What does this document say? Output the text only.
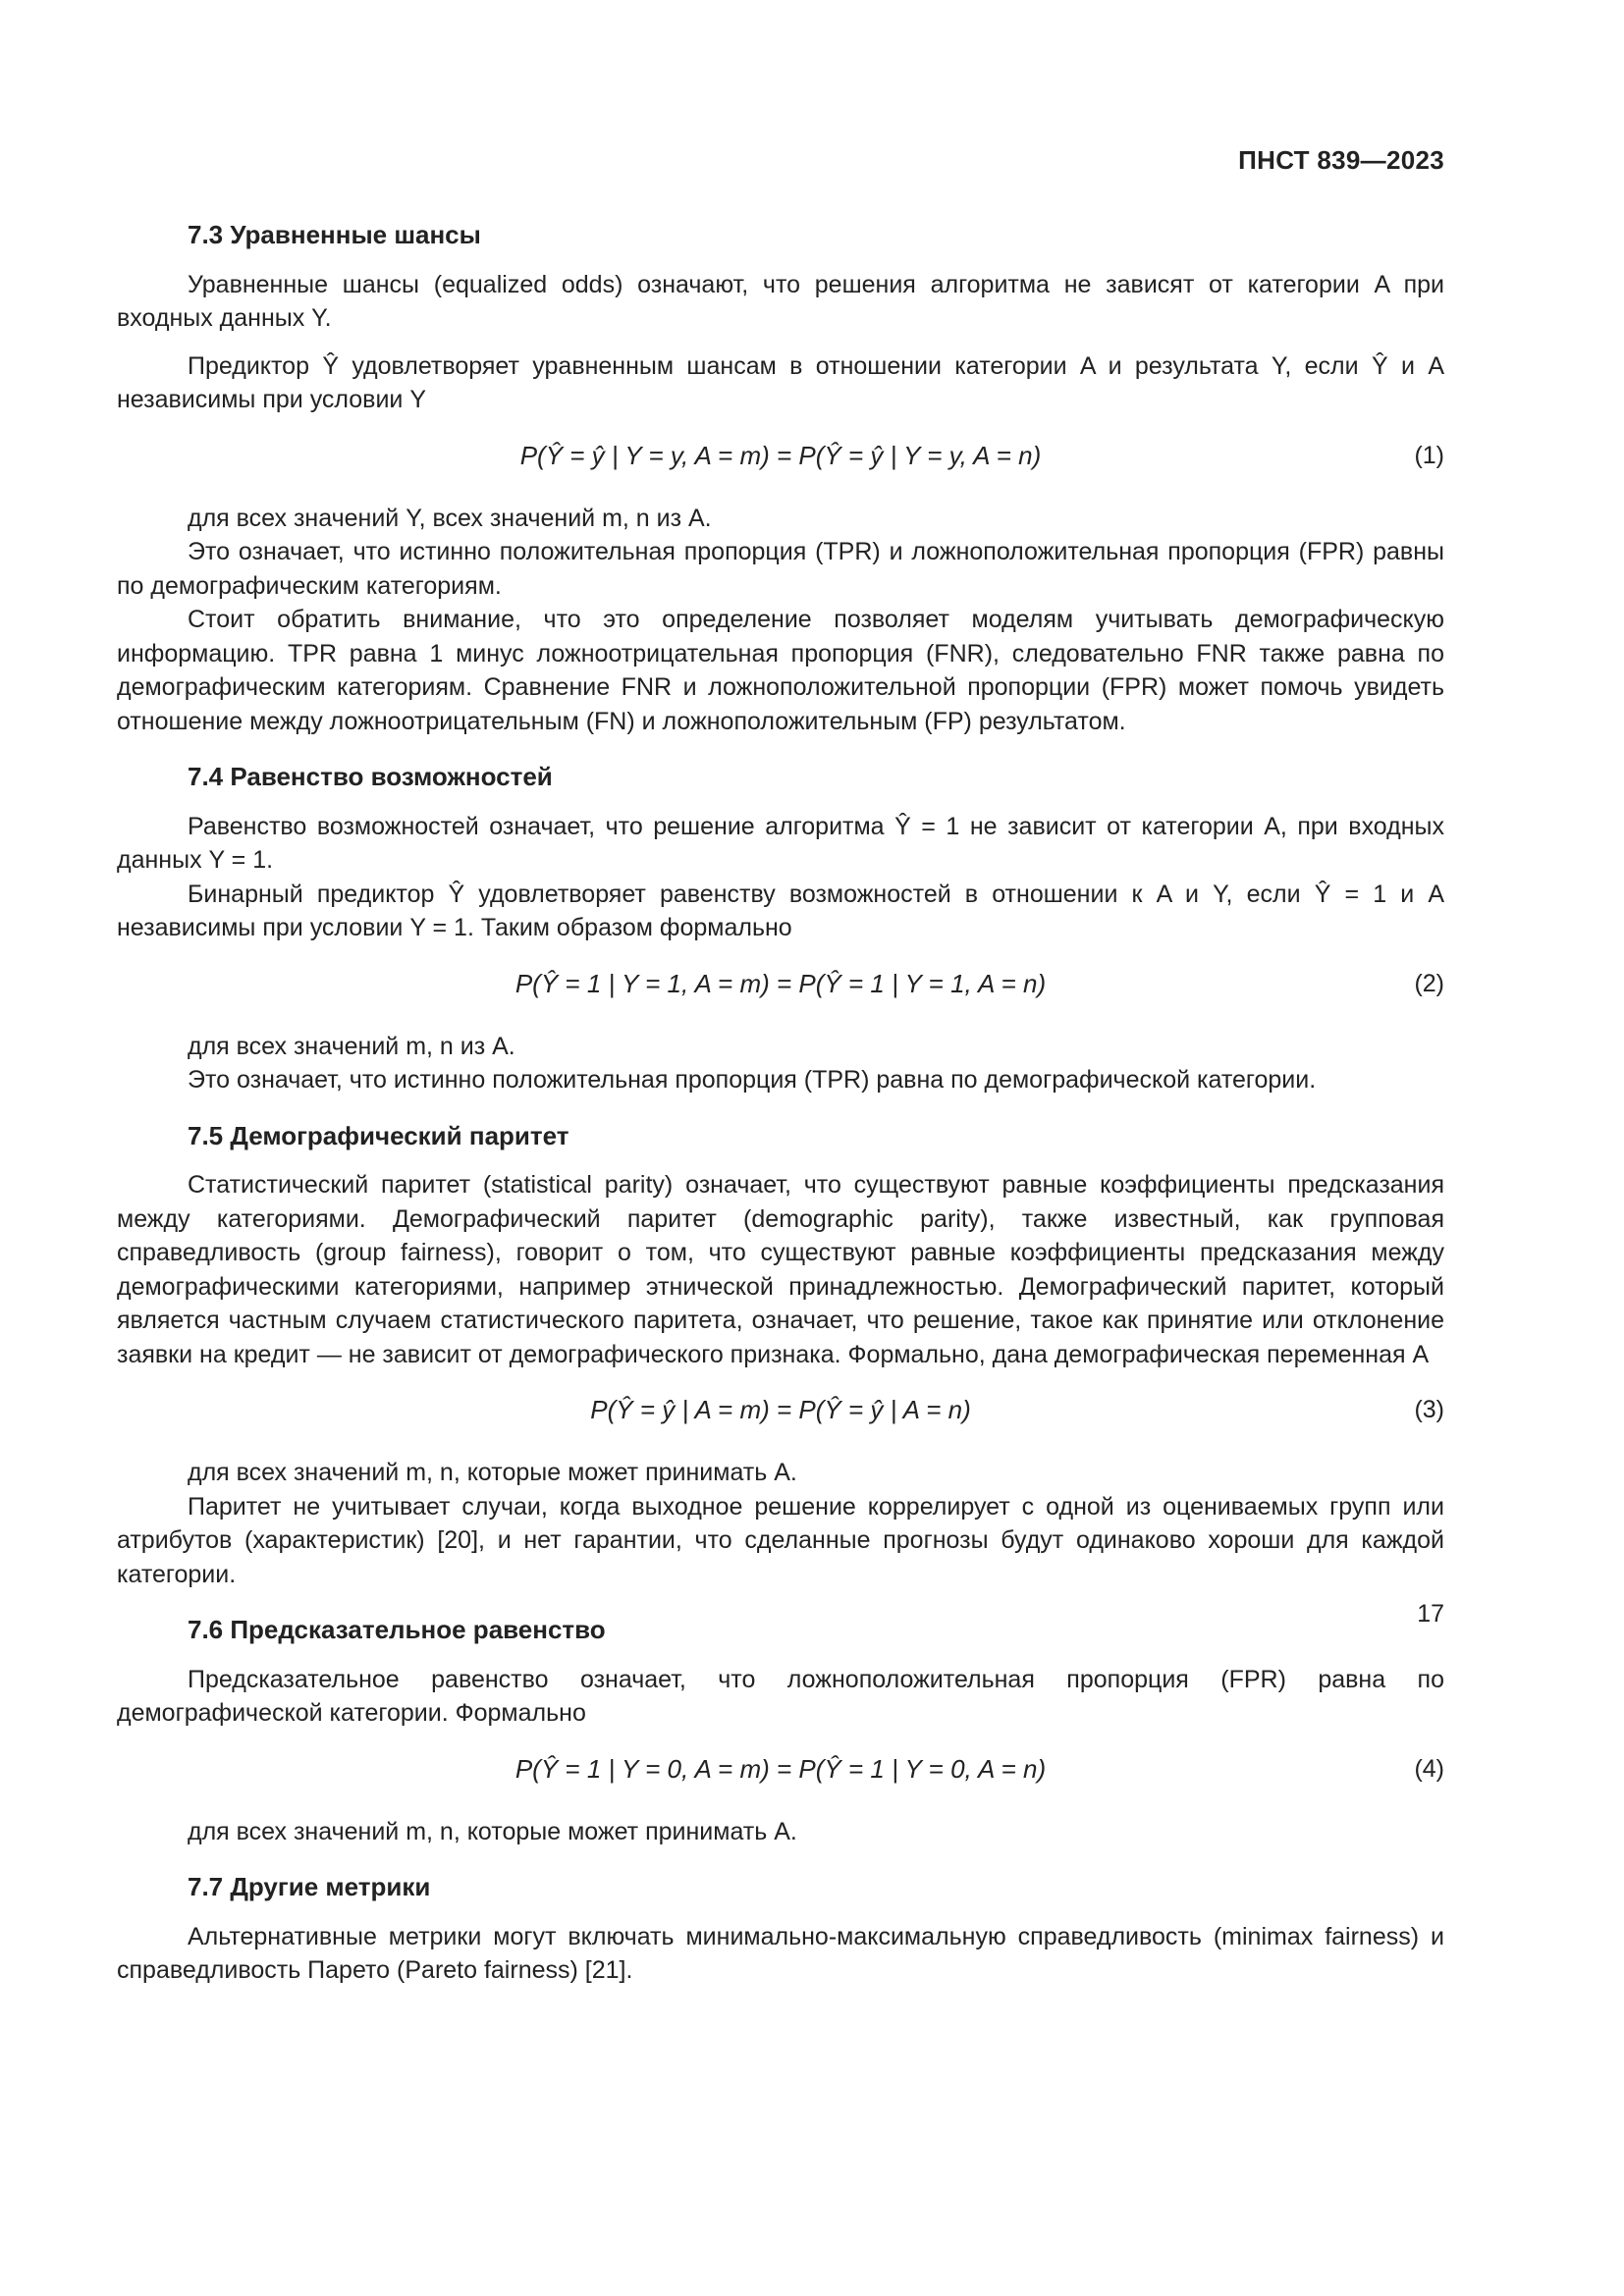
ПНСТ 839—2023
7.3 Уравненные шансы

Уравненные шансы (equalized odds) означают, что решения алгоритма не зависят от категории A при входных данных Y.

Предиктор Ŷ удовлетворяет уравненным шансам в отношении категории A и результата Y, если Ŷ и A независимы при условии Y

P(Ŷ = ŷ | Y = y, A = m) = P(Ŷ = ŷ | Y = y, A = n)	(1)

для всех значений Y, всех значений m, n из A.

Это означает, что истинно положительная пропорция (TPR) и ложноположительная пропорция (FPR) равны по демографическим категориям.

Стоит обратить внимание, что это определение позволяет моделям учитывать демографическую информацию. TPR равна 1 минус ложноотрицательная пропорция (FNR), следовательно FNR также равна по демографическим категориям. Сравнение FNR и ложноположительной пропорции (FPR) может помочь увидеть отношение между ложноотрицательным (FN) и ложноположительным (FP) результатом.

7.4 Равенство возможностей

Равенство возможностей означает, что решение алгоритма Ŷ = 1 не зависит от категории A, при входных данных Y = 1.

Бинарный предиктор Ŷ удовлетворяет равенству возможностей в отношении к A и Y, если Ŷ = 1 и A независимы при условии Y = 1. Таким образом формально

P(Ŷ = 1 | Y = 1, A = m) = P(Ŷ = 1 | Y = 1, A = n)	(2)

для всех значений m, n из A.

Это означает, что истинно положительная пропорция (TPR) равна по демографической категории.

7.5 Демографический паритет

Статистический паритет (statistical parity) означает, что существуют равные коэффициенты предсказания между категориями. Демографический паритет (demographic parity), также известный, как групповая справедливость (group fairness), говорит о том, что существуют равные коэффициенты предсказания между демографическими категориями, например этнической принадлежностью. Демографический паритет, который является частным случаем статистического паритета, означает, что решение, такое как принятие или отклонение заявки на кредит — не зависит от демографического признака. Формально, дана демографическая переменная A

P(Ŷ = ŷ | A = m) = P(Ŷ = ŷ | A = n)	(3)

для всех значений m, n, которые может принимать A.

Паритет не учитывает случаи, когда выходное решение коррелирует с одной из оцениваемых групп или атрибутов (характеристик) [20], и нет гарантии, что сделанные прогнозы будут одинаково хороши для каждой категории.

7.6 Предсказательное равенство

Предсказательное равенство означает, что ложноположительная пропорция (FPR) равна по демографической категории. Формально

P(Ŷ = 1 | Y = 0, A = m) = P(Ŷ = 1 | Y = 0, A = n)	(4)

для всех значений m, n, которые может принимать A.

7.7 Другие метрики

Альтернативные метрики могут включать минимально-максимальную справедливость (minimax fairness) и справедливость Парето (Pareto fairness) [21].

17
